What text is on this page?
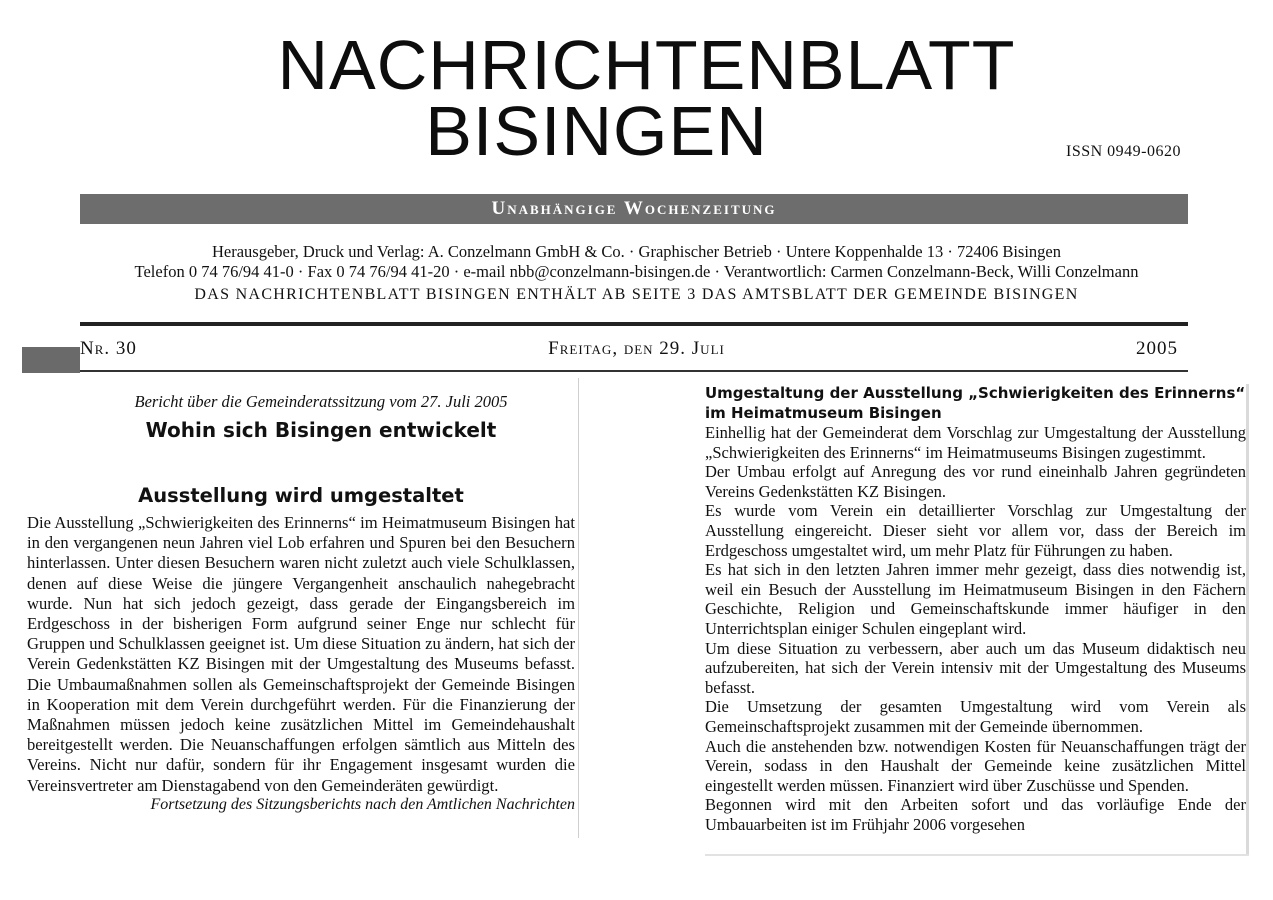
NACHRICHTENBLATT
BISINGEN	ISSN 0949-0620
Unabhängige Wochenzeitung
Herausgeber, Druck und Verlag: A. Conzelmann GmbH & Co. · Graphischer Betrieb · Untere Koppenhalde 13 · 72406 Bisingen
Telefon 0 74 76/94 41-0 · Fax 0 74 76/94 41-20 · e-mail nbb@conzelmann-bisingen.de · Verantwortlich: Carmen Conzelmann-Beck, Willi Conzelmann
DAS NACHRICHTENBLATT BISINGEN ENTHÄLT AB SEITE 3 DAS AMTSBLATT DER GEMEINDE BISINGEN
Freitag, den 29. Juli
Nr. 30	2005

Bericht über die Gemeinderatssitzung vom 27. Juli 2005

Wohin sich Bisingen entwickelt

Ausstellung wird umgestaltet

Die Ausstellung „Schwierigkeiten des Erinnerns“ im Heimatmuseum Bisingen hat in den vergangenen neun Jahren viel Lob erfahren und Spuren bei den Besuchern hinterlassen. Unter diesen Besuchern waren nicht zuletzt auch viele Schulklassen, denen auf diese Weise die jüngere Vergangenheit anschaulich nahegebracht wurde. Nun hat sich jedoch gezeigt, dass gerade der Eingangsbereich im Erdgeschoss in der bisherigen Form aufgrund seiner Enge nur schlecht für Gruppen und Schulklassen geeignet ist. Um diese Situation zu ändern, hat sich der Verein Gedenkstätten KZ Bisingen mit der Umgestaltung des Museums befasst. Die Umbaumaßnahmen sollen als Gemeinschaftsprojekt der Gemeinde Bisingen in Kooperation mit dem Verein durchgeführt werden. Für die Finanzierung der Maßnahmen müssen jedoch keine zusätzlichen Mittel im Gemeindehaushalt bereitgestellt werden. Die Neuanschaffungen erfolgen sämtlich aus Mitteln des Vereins. Nicht nur dafür, sondern für ihr Engagement insgesamt wurden die Vereinsvertreter am Dienstagabend von den Gemeinderäten gewürdigt.

Fortsetzung des Sitzungsberichts nach den Amtlichen Nachrichten

Umgestaltung der Ausstellung „Schwierigkeiten des Erinnerns“ im Heimatmuseum Bisingen

Einhellig hat der Gemeinderat dem Vorschlag zur Umgestaltung der Ausstellung „Schwierigkeiten des Erinnerns“ im Heimatmuseums Bisingen zugestimmt.

Der Umbau erfolgt auf Anregung des vor rund eineinhalb Jahren gegründeten Vereins Gedenkstätten KZ Bisingen.

Es wurde vom Verein ein detaillierter Vorschlag zur Umgestaltung der Ausstellung eingereicht. Dieser sieht vor allem vor, dass der Bereich im Erdgeschoss umgestaltet wird, um mehr Platz für Führungen zu haben.

Es hat sich in den letzten Jahren immer mehr gezeigt, dass dies notwendig ist, weil ein Besuch der Ausstellung im Heimatmuseum Bisingen in den Fächern Geschichte, Religion und Gemeinschaftskunde immer häufiger in den Unterrichtsplan einiger Schulen eingeplant wird.

Um diese Situation zu verbessern, aber auch um das Museum didaktisch neu aufzubereiten, hat sich der Verein intensiv mit der Umgestaltung des Museums befasst.

Die Umsetzung der gesamten Umgestaltung wird vom Verein als Gemeinschaftsprojekt zusammen mit der Gemeinde übernommen.

Auch die anstehenden bzw. notwendigen Kosten für Neuanschaffungen trägt der Verein, sodass in den Haushalt der Gemeinde keine zusätzlichen Mittel eingestellt werden müssen. Finanziert wird über Zuschüsse und Spenden.

Begonnen wird mit den Arbeiten sofort und das vorläufige Ende der Umbauarbeiten ist im Frühjahr 2006 vorgesehen
